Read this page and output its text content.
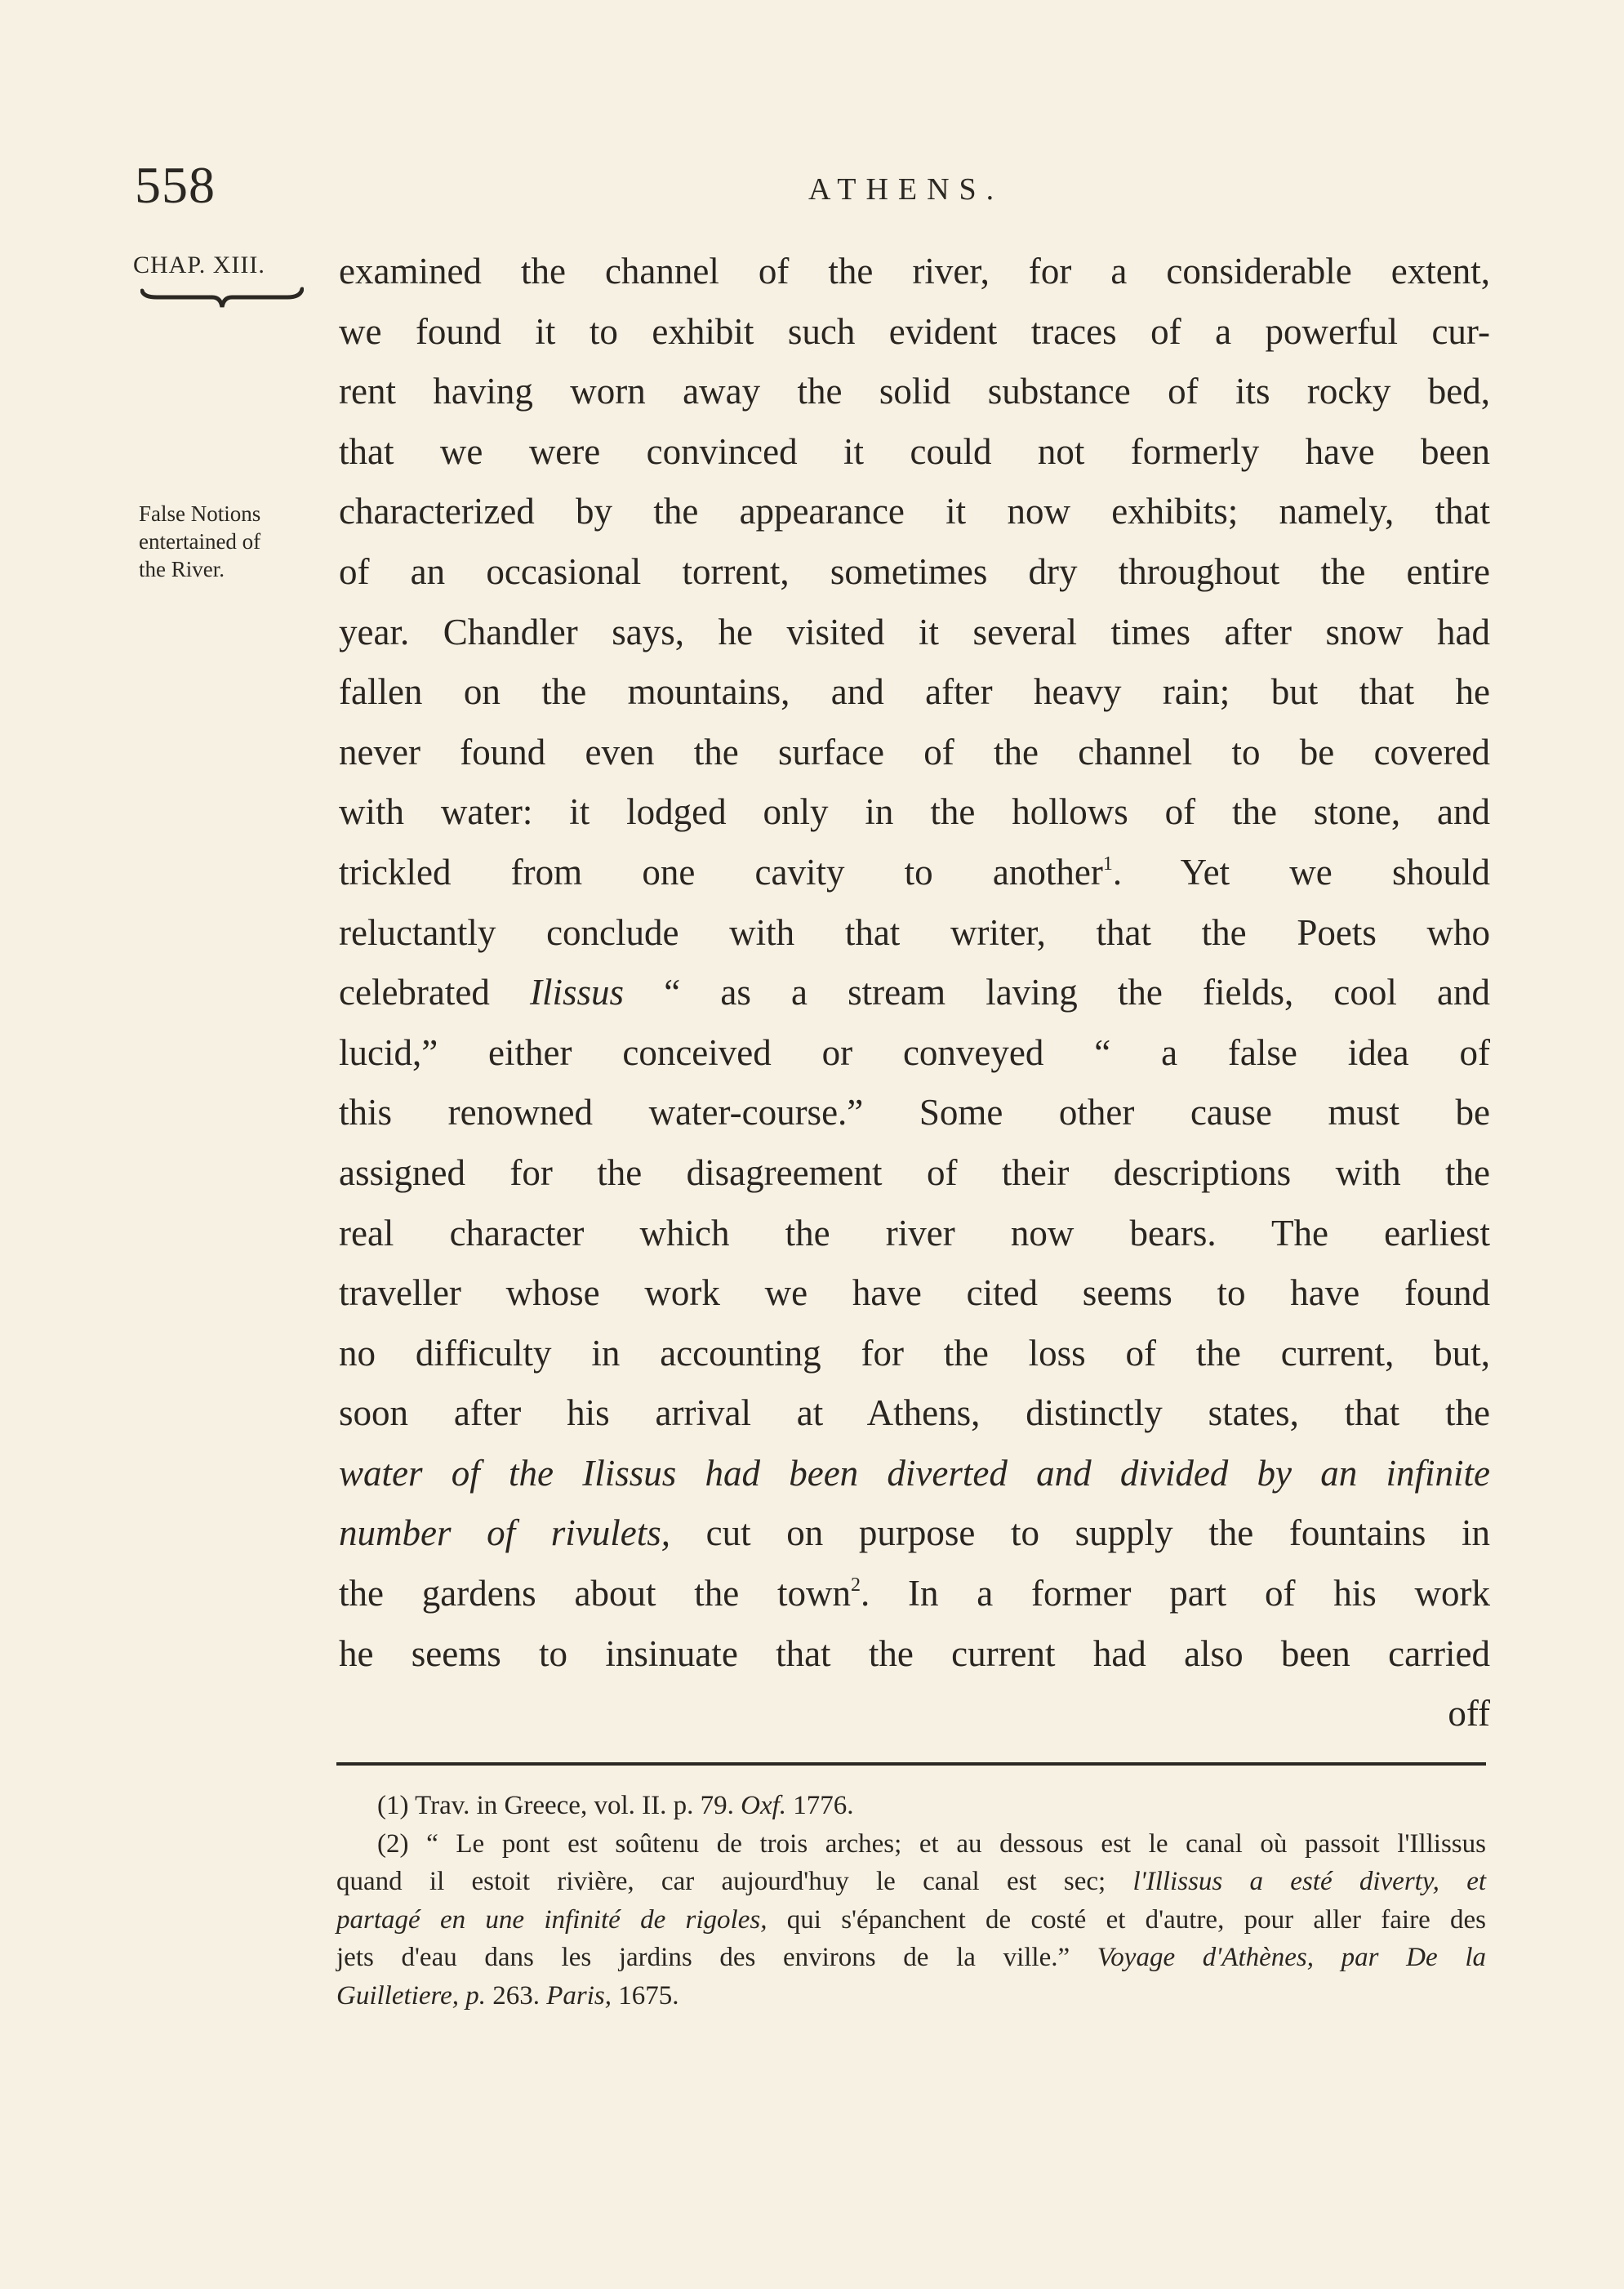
558	ATHENS.
CHAP. XIII.
False Notions
entertained of
the River.
examined the channel of the river, for a considerable extent,
we found it to exhibit such evident traces of a powerful cur-
rent having worn away the solid substance of its rocky bed,
that we were convinced it could not formerly have been
characterized by the appearance it now exhibits; namely, that
of an occasional torrent, sometimes dry throughout the entire
year. Chandler says, he visited it several times after snow had
fallen on the mountains, and after heavy rain; but that he
never found even the surface of the channel to be covered
with water: it lodged only in the hollows of the stone, and
trickled from one cavity to another$^1$. Yet we should
reluctantly conclude with that writer, that the Poets who
celebrated Ilissus “ as a stream laving the fields, cool and
lucid,” either conceived or conveyed “ a false idea of
this renowned water-course.” Some other cause must be
assigned for the disagreement of their descriptions with the
real character which the river now bears. The earliest
traveller whose work we have cited seems to have found
no difficulty in accounting for the loss of the current, but,
soon after his arrival at Athens, distinctly states, that the
water of the Ilissus had been diverted and divided by an infinite
number of rivulets, cut on purpose to supply the fountains in
the gardens about the town$^2$. In a former part of his work
he seems to insinuate that the current had also been carried
off
(1) Trav. in Greece, vol. II. p. 79. Oxf. 1776.
(2) “ Le pont est soûtenu de trois arches; et au dessous est le canal où passoit l'Illissus
quand il estoit rivière, car aujourd'huy le canal est sec; l'Illissus a esté diverty, et
partagé en une infinité de rigoles, qui s'épanchent de costé et d'autre, pour aller faire des
jets d'eau dans les jardins des environs de la ville.” Voyage d'Athènes, par De la
Guilletiere, p. 263. Paris, 1675.
